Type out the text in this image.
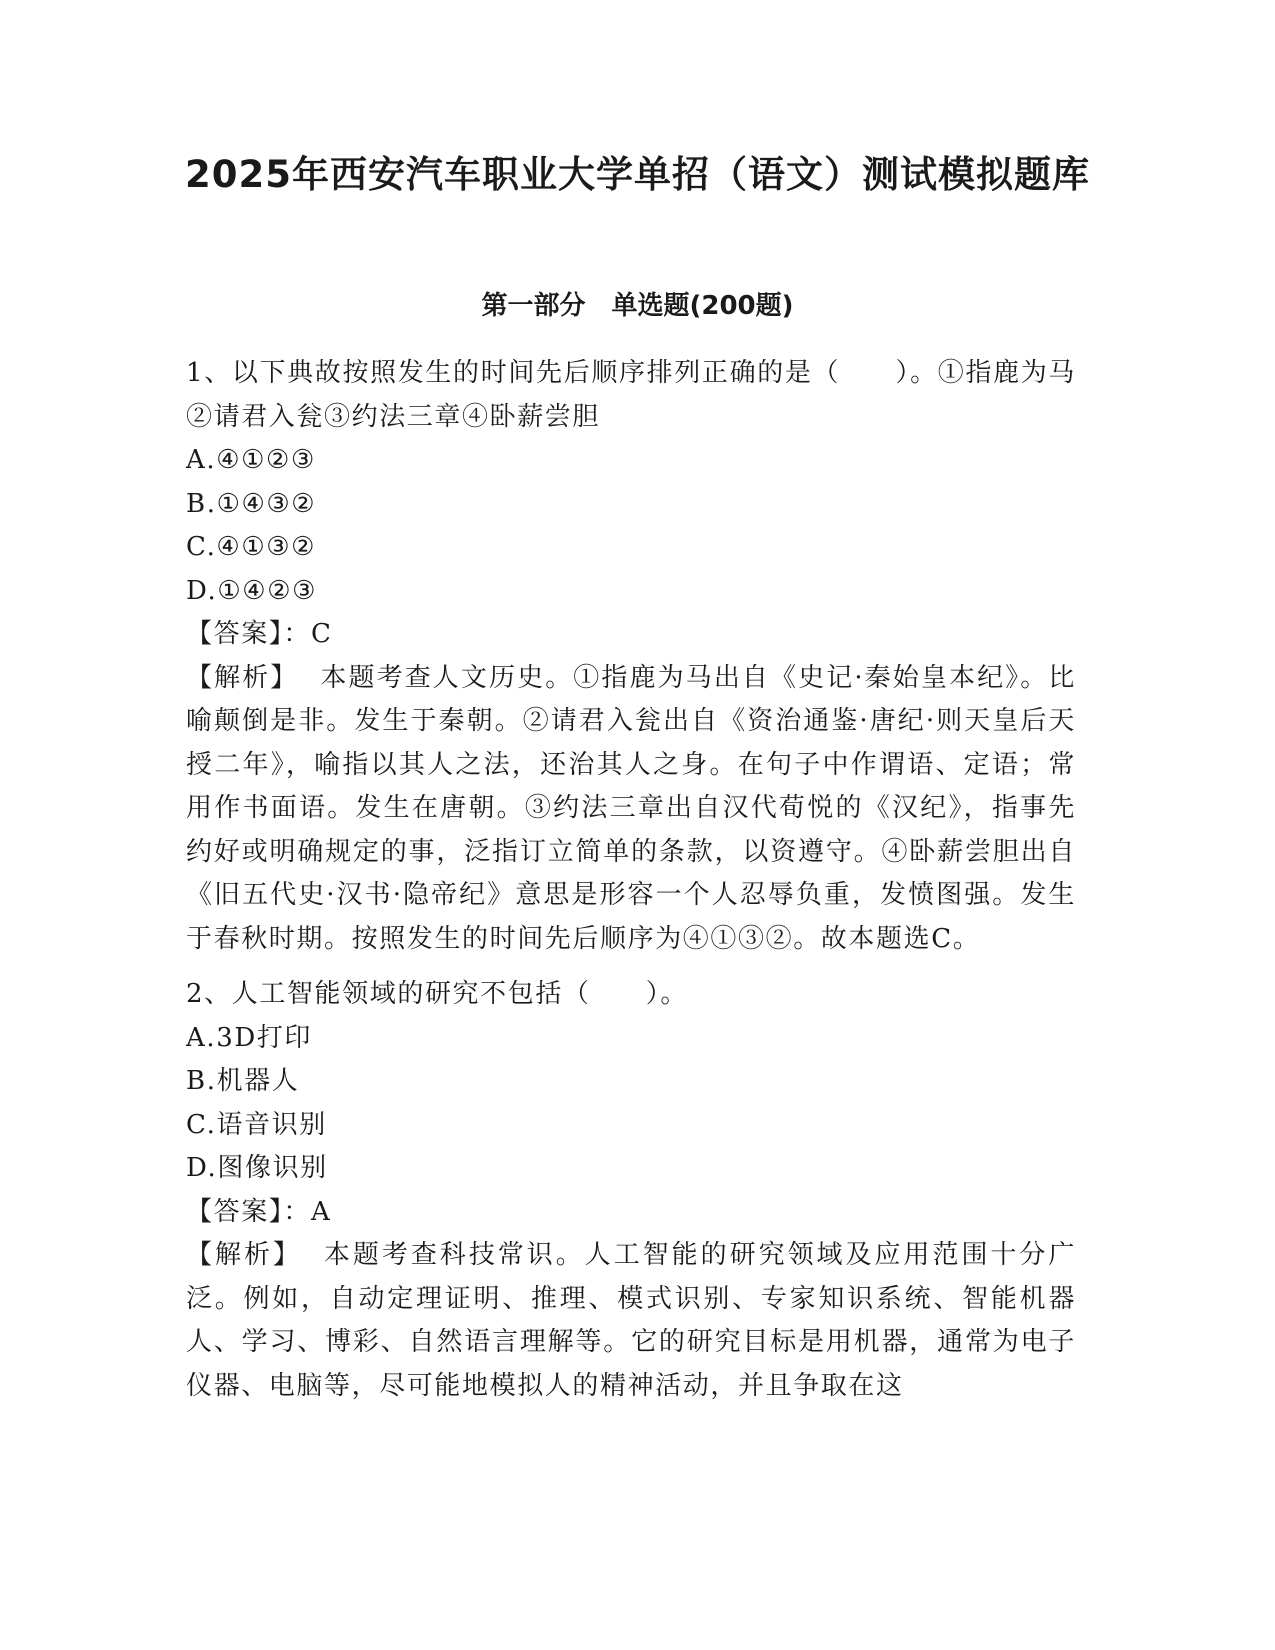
2025年西安汽车职业大学单招（语文）测试模拟题库
第一部分　单选题(200题)

1、以下典故按照发生的时间先后顺序排列正确的是（　　）。①指鹿为马②请君入瓮③约法三章④卧薪尝胆

A.④①②③

B.①④③②

C.④①③②

D.①④②③

【答案】：C

【解析】 本题考查人文历史。①指鹿为马出自《史记·秦始皇本纪》。比喻颠倒是非。发生于秦朝。②请君入瓮出自《资治通鉴·唐纪·则天皇后天授二年》，喻指以其人之法，还治其人之身。在句子中作谓语、定语；常用作书面语。发生在唐朝。③约法三章出自汉代荀悦的《汉纪》，指事先约好或明确规定的事，泛指订立简单的条款，以资遵守。④卧薪尝胆出自《旧五代史·汉书·隐帝纪》意思是形容一个人忍辱负重，发愤图强。发生于春秋时期。按照发生的时间先后顺序为④①③②。故本题选C。

2、人工智能领域的研究不包括（　　）。

A.3D打印

B.机器人

C.语音识别

D.图像识别

【答案】：A

【解析】 本题考查科技常识。人工智能的研究领域及应用范围十分广泛。例如，自动定理证明、推理、模式识别、专家知识系统、智能机器人、学习、博彩、自然语言理解等。它的研究目标是用机器，通常为电子仪器、电脑等，尽可能地模拟人的精神活动，并且争取在这
